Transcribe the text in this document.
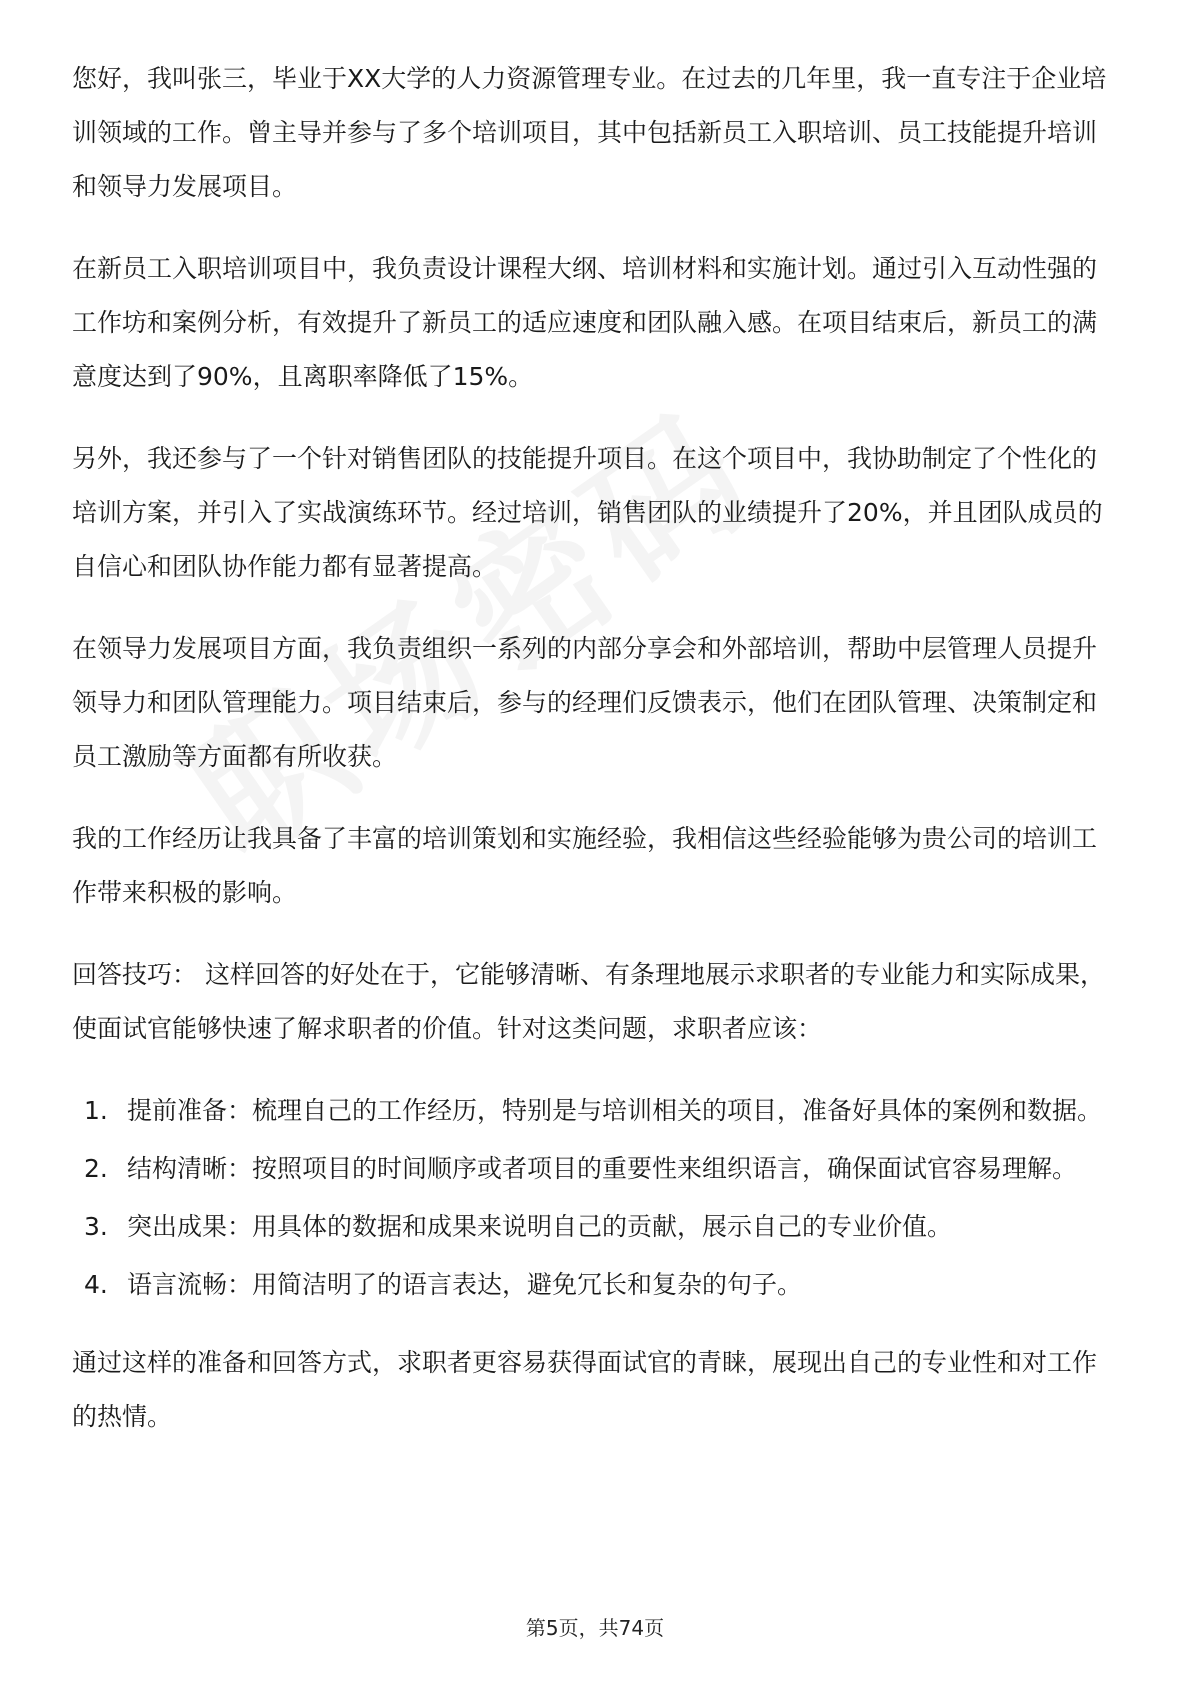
您好，我叫张三，毕业于XX大学的人力资源管理专业。在过去的几年里，我一直专注于企业培训领域的工作。曾主导并参与了多个培训项目，其中包括新员工入职培训、员工技能提升培训和领导力发展项目。

在新员工入职培训项目中，我负责设计课程大纲、培训材料和实施计划。通过引入互动性强的工作坊和案例分析，有效提升了新员工的适应速度和团队融入感。在项目结束后，新员工的满意度达到了90%，且离职率降低了15%。

另外，我还参与了一个针对销售团队的技能提升项目。在这个项目中，我协助制定了个性化的培训方案，并引入了实战演练环节。经过培训，销售团队的业绩提升了20%，并且团队成员的自信心和团队协作能力都有显著提高。

在领导力发展项目方面，我负责组织一系列的内部分享会和外部培训，帮助中层管理人员提升领导力和团队管理能力。项目结束后，参与的经理们反馈表示，他们在团队管理、决策制定和员工激励等方面都有所收获。

我的工作经历让我具备了丰富的培训策划和实施经验，我相信这些经验能够为贵公司的培训工作带来积极的影响。

回答技巧： 这样回答的好处在于，它能够清晰、有条理地展示求职者的专业能力和实际成果，使面试官能够快速了解求职者的价值。针对这类问题，求职者应该：

1. 提前准备：梳理自己的工作经历，特别是与培训相关的项目，准备好具体的案例和数据。
2. 结构清晰：按照项目的时间顺序或者项目的重要性来组织语言，确保面试官容易理解。
3. 突出成果：用具体的数据和成果来说明自己的贡献，展示自己的专业价值。
4. 语言流畅：用简洁明了的语言表达，避免冗长和复杂的句子。

通过这样的准备和回答方式，求职者更容易获得面试官的青睐，展现出自己的专业性和对工作的热情。

第5页，共74页
